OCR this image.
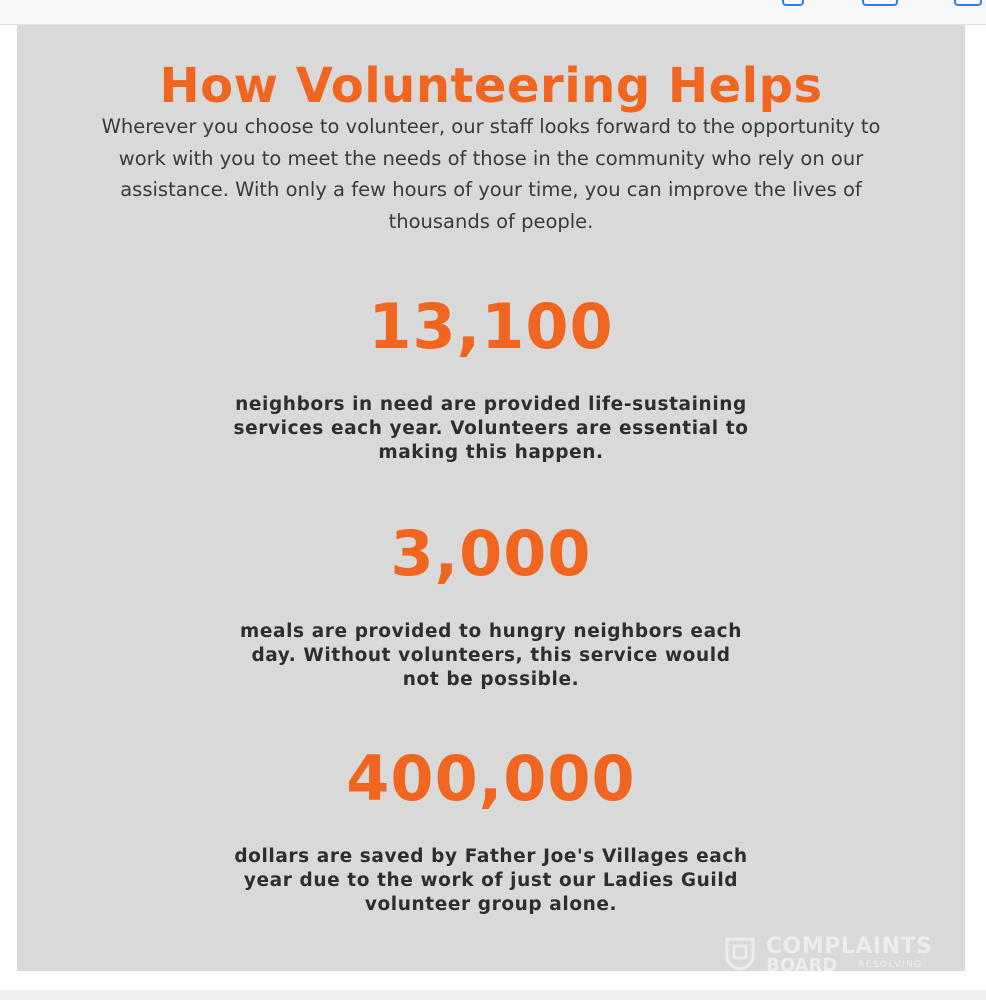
How Volunteering Helps

Wherever you choose to volunteer, our staff looks forward to the opportunity to work with you to meet the needs of those in the community who rely on our assistance. With only a few hours of your time, you can improve the lives of thousands of people.

13,100
neighbors in need are provided life-sustaining services each year. Volunteers are essential to making this happen.
3,000
meals are provided to hungry neighbors each day. Without volunteers, this service would not be possible.
400,000
dollars are saved by Father Joe's Villages each year due to the work of just our Ladies Guild volunteer group alone.
COMPLAINTS
BOARD RESOLVING
